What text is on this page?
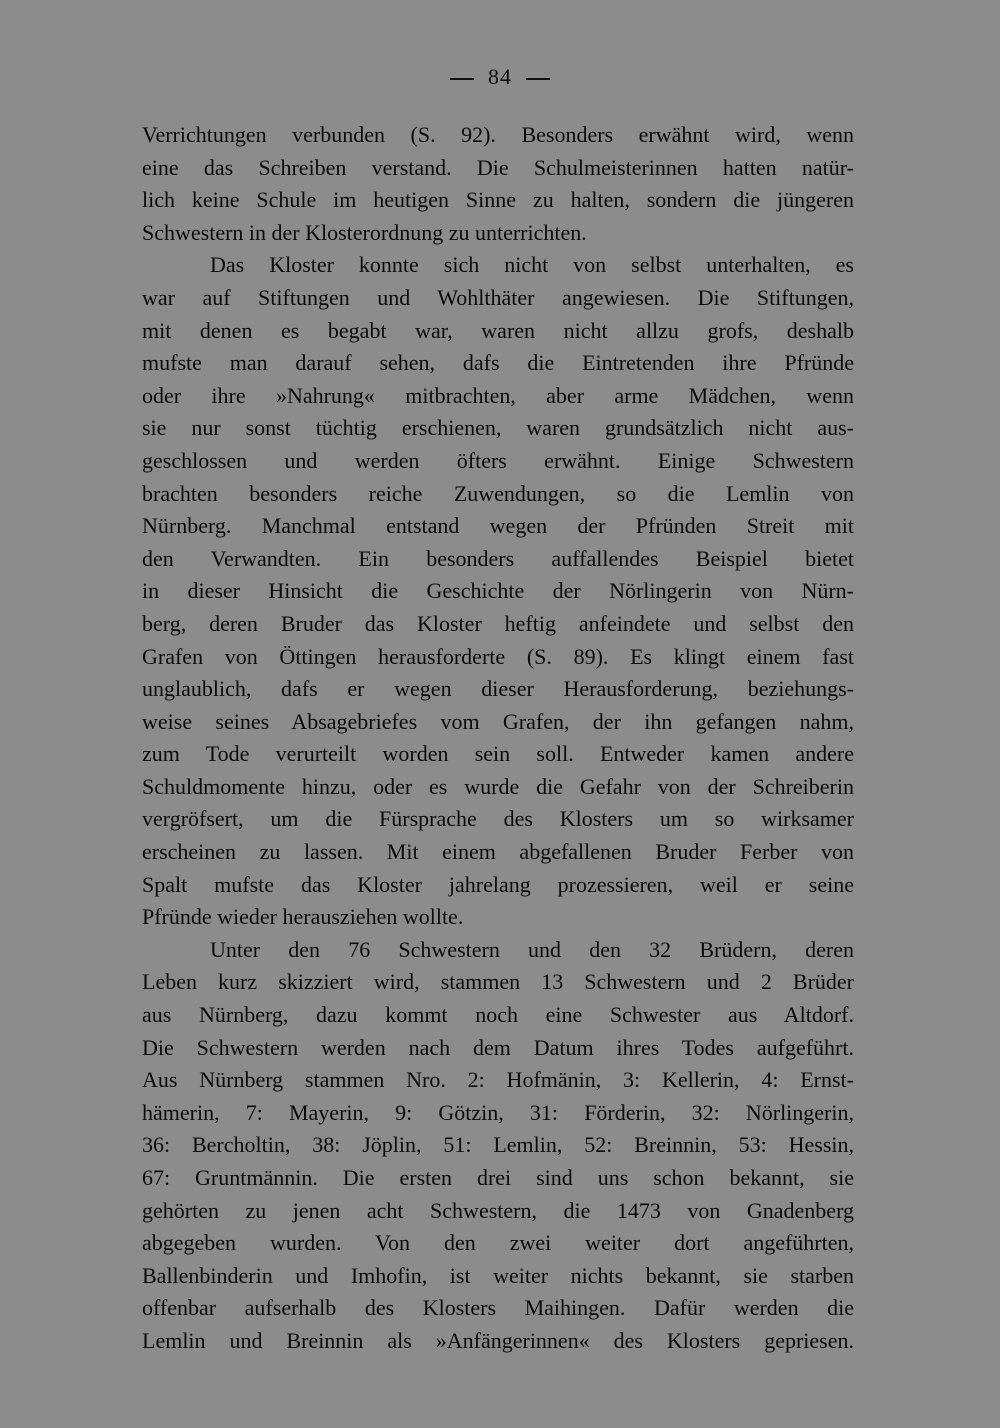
84
Verrichtungen verbunden (S. 92). Besonders erwähnt wird, wenn
eine das Schreiben verstand. Die Schulmeisterinnen hatten natür-
lich keine Schule im heutigen Sinne zu halten, sondern die jüngeren
Schwestern in der Klosterordnung zu unterrichten.
Das Kloster konnte sich nicht von selbst unterhalten, es
war auf Stiftungen und Wohlthäter angewiesen. Die Stiftungen,
mit denen es begabt war, waren nicht allzu grofs, deshalb
mufste man darauf sehen, dafs die Eintretenden ihre Pfründe
oder ihre »Nahrung« mitbrachten, aber arme Mädchen, wenn
sie nur sonst tüchtig erschienen, waren grundsätzlich nicht aus-
geschlossen und werden öfters erwähnt. Einige Schwestern
brachten besonders reiche Zuwendungen, so die Lemlin von
Nürnberg. Manchmal entstand wegen der Pfründen Streit mit
den Verwandten. Ein besonders auffallendes Beispiel bietet
in dieser Hinsicht die Geschichte der Nörlingerin von Nürn-
berg, deren Bruder das Kloster heftig anfeindete und selbst den
Grafen von Öttingen herausforderte (S. 89). Es klingt einem fast
unglaublich, dafs er wegen dieser Herausforderung, beziehungs-
weise seines Absagebriefes vom Grafen, der ihn gefangen nahm,
zum Tode verurteilt worden sein soll. Entweder kamen andere
Schuldmomente hinzu, oder es wurde die Gefahr von der Schreiberin
vergröfsert, um die Fürsprache des Klosters um so wirksamer
erscheinen zu lassen. Mit einem abgefallenen Bruder Ferber von
Spalt mufste das Kloster jahrelang prozessieren, weil er seine
Pfründe wieder herausziehen wollte.
Unter den 76 Schwestern und den 32 Brüdern, deren
Leben kurz skizziert wird, stammen 13 Schwestern und 2 Brüder
aus Nürnberg, dazu kommt noch eine Schwester aus Altdorf.
Die Schwestern werden nach dem Datum ihres Todes aufgeführt.
Aus Nürnberg stammen Nro. 2: Hofmänin, 3: Kellerin, 4: Ernst-
hämerin, 7: Mayerin, 9: Götzin, 31: Förderin, 32: Nörlingerin,
36: Bercholtin, 38: Jöplin, 51: Lemlin, 52: Breinnin, 53: Hessin,
67: Gruntmännin. Die ersten drei sind uns schon bekannt, sie
gehörten zu jenen acht Schwestern, die 1473 von Gnadenberg
abgegeben wurden. Von den zwei weiter dort angeführten,
Ballenbinderin und Imhofin, ist weiter nichts bekannt, sie starben
offenbar aufserhalb des Klosters Maihingen. Dafür werden die
Lemlin und Breinnin als »Anfängerinnen« des Klosters gepriesen.
